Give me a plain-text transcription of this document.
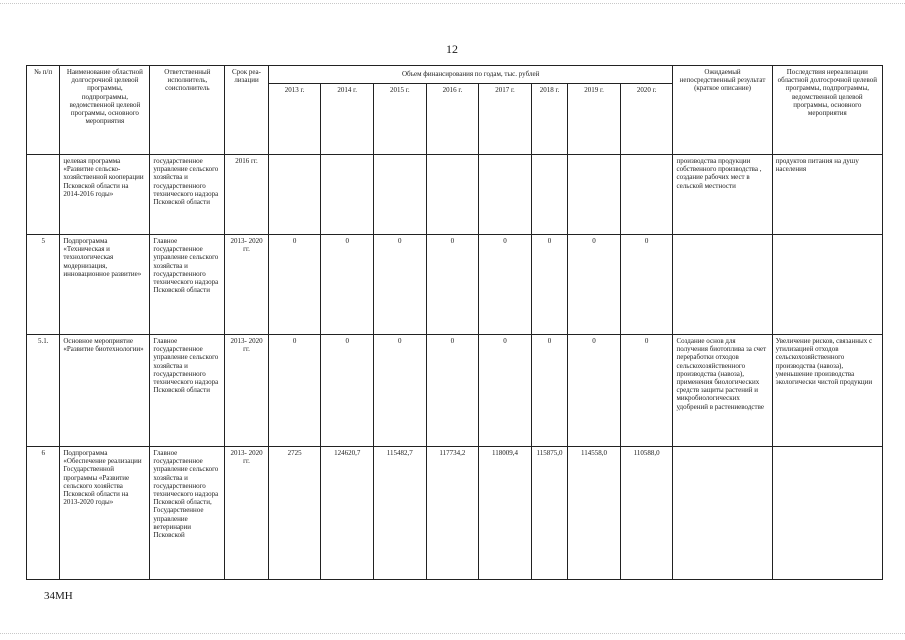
12
№ п/п	Наименование областной долгосрочной целевой программы, подпрограммы, ведомственной целевой программы, основного мероприятия	Ответственный исполнитель, соисполнитель	Срок реа- лизации	Объем финансирования по годам, тыс. рублей								Ожидаемый непосредственный результат (краткое описание)	Последствия нереализации областной долгосрочной целевой программы, подпрограммы, ведомственной целевой программы, основного мероприятия
				2013 г.	2014 г.	2015 г.	2016 г.	2017 г.	2018 г.	2019 г.	2020 г.		
	целевая программа «Развитие сельско- хозяйственной кооперации Псковской области на 2014-2016 годы»	государственное управление сельского хозяйства и государственного технического надзора Псковской области	2016 гг.									производства продукции собственного производства , создание рабочих мест в сельской местности	продуктов питания на душу населения
5	Подпрограмма «Техническая и технологическая модернизация, инновационное развитие»	Главное государственное управление сельского хозяйства и государственного технического надзора Псковской области	2013- 2020 гг.	0	0	0	0	0	0	0	0		
5.1.	Основное мероприятие «Развитие биотехнологии»	Главное государственное управление сельского хозяйства и государственного технического надзора Псковской области	2013- 2020 гг.	0	0	0	0	0	0	0	0	Создание основ для получения биотоплива за счет переработки отходов сельскохозяйственного производства (навоза), применения биологических средств защиты растений и микробиологических удобрений в растениеводстве	Увеличение рисков, связанных с утилизацией отходов сельскохозяйственного производства (навоза), уменьшение производства экологически чистой продукции
6	Подпрограмма «Обеспечение реализации Государственной программы «Развитие сельского хозяйства Псковской области на 2013-2020 годы»	Главное государственное управление сельского хозяйства и государственного технического надзора Псковской области, Государственное управление ветеринарии Псковской	2013- 2020 гг.	2725	124620,7	115482,7	117734,2	118009,4	115875,0	114558,0	110588,0		
34МН
